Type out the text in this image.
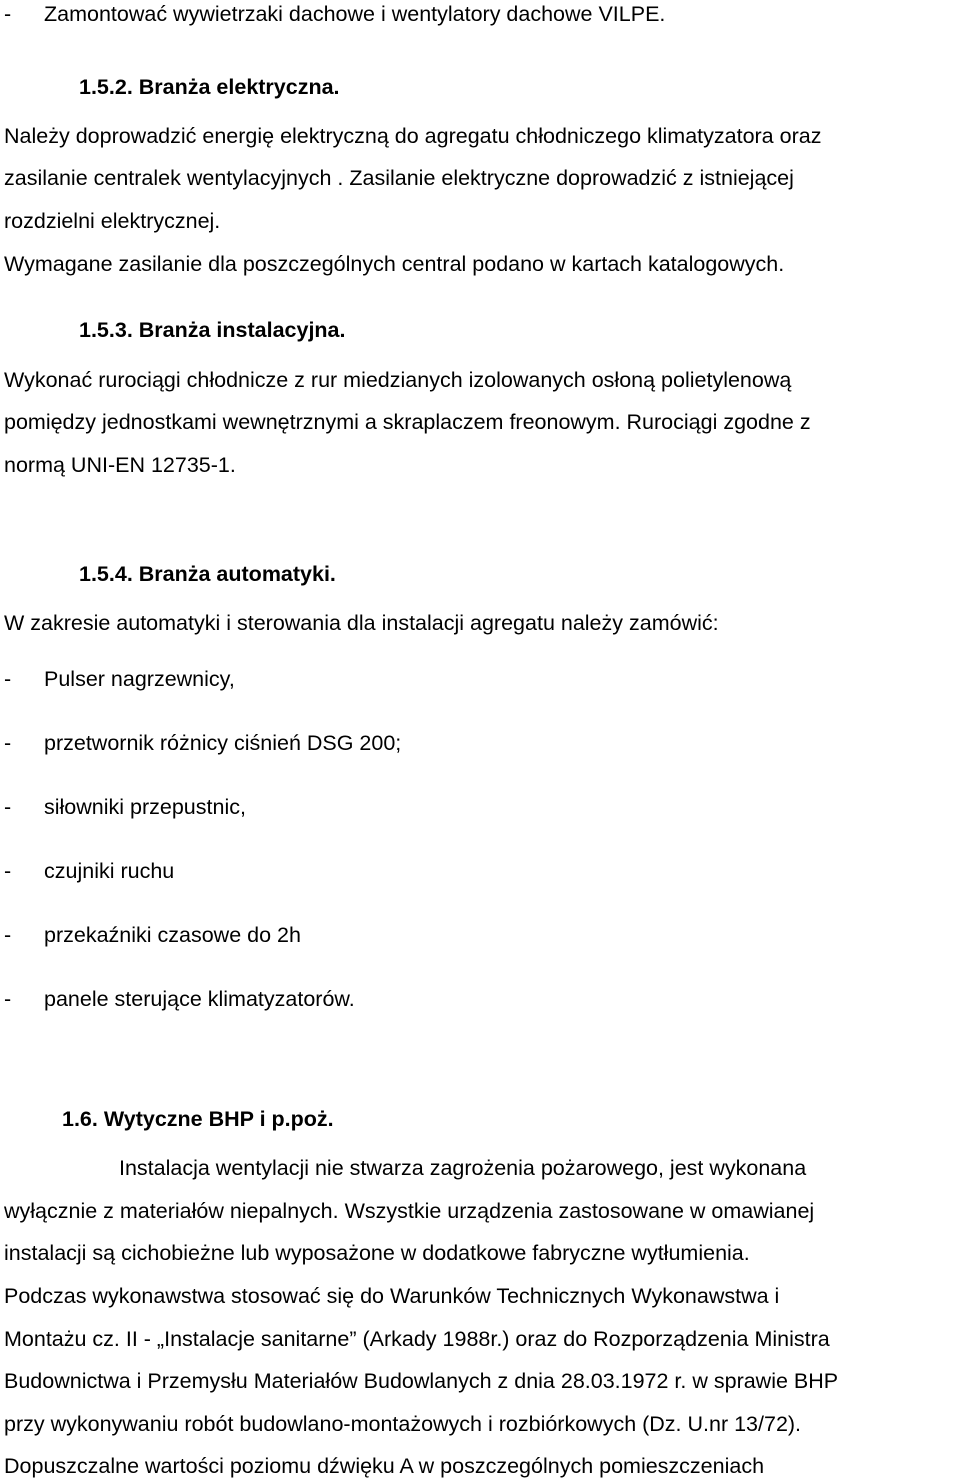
- Zamontować wywietrzaki dachowe i wentylatory dachowe VILPE.

1.5.2. Branża elektryczna.

Należy doprowadzić energię elektryczną do agregatu chłodniczego klimatyzatora oraz

zasilanie centralek wentylacyjnych . Zasilanie elektryczne doprowadzić z istniejącej

rozdzielni elektrycznej.

Wymagane zasilanie dla poszczególnych central podano w kartach katalogowych.

1.5.3. Branża instalacyjna.

Wykonać rurociągi chłodnicze z rur miedzianych izolowanych osłoną polietylenową

pomiędzy jednostkami wewnętrznymi a skraplaczem freonowym. Rurociągi zgodne z

normą UNI-EN 12735-1.

1.5.4. Branża automatyki.

W zakresie automatyki i sterowania dla instalacji agregatu należy zamówić:

- Pulser nagrzewnicy,
- przetwornik różnicy ciśnień DSG 200;
- siłowniki przepustnic,
- czujniki ruchu
- przekaźniki czasowe do 2h
- panele sterujące klimatyzatorów.

1.6. Wytyczne BHP i p.poż.

Instalacja wentylacji nie stwarza zagrożenia pożarowego, jest wykonana

wyłącznie z materiałów niepalnych. Wszystkie urządzenia zastosowane w omawianej

instalacji są cichobieżne lub wyposażone w dodatkowe fabryczne wytłumienia.

Podczas wykonawstwa stosować się do Warunków Technicznych Wykonawstwa i

Montażu cz. II - „Instalacje sanitarne” (Arkady 1988r.) oraz do Rozporządzenia Ministra

Budownictwa i Przemysłu Materiałów Budowlanych z dnia 28.03.1972 r. w sprawie BHP

przy wykonywaniu robót budowlano-montażowych i rozbiórkowych (Dz. U.nr 13/72).

Dopuszczalne wartości poziomu dźwięku A w poszczególnych pomieszczeniach
